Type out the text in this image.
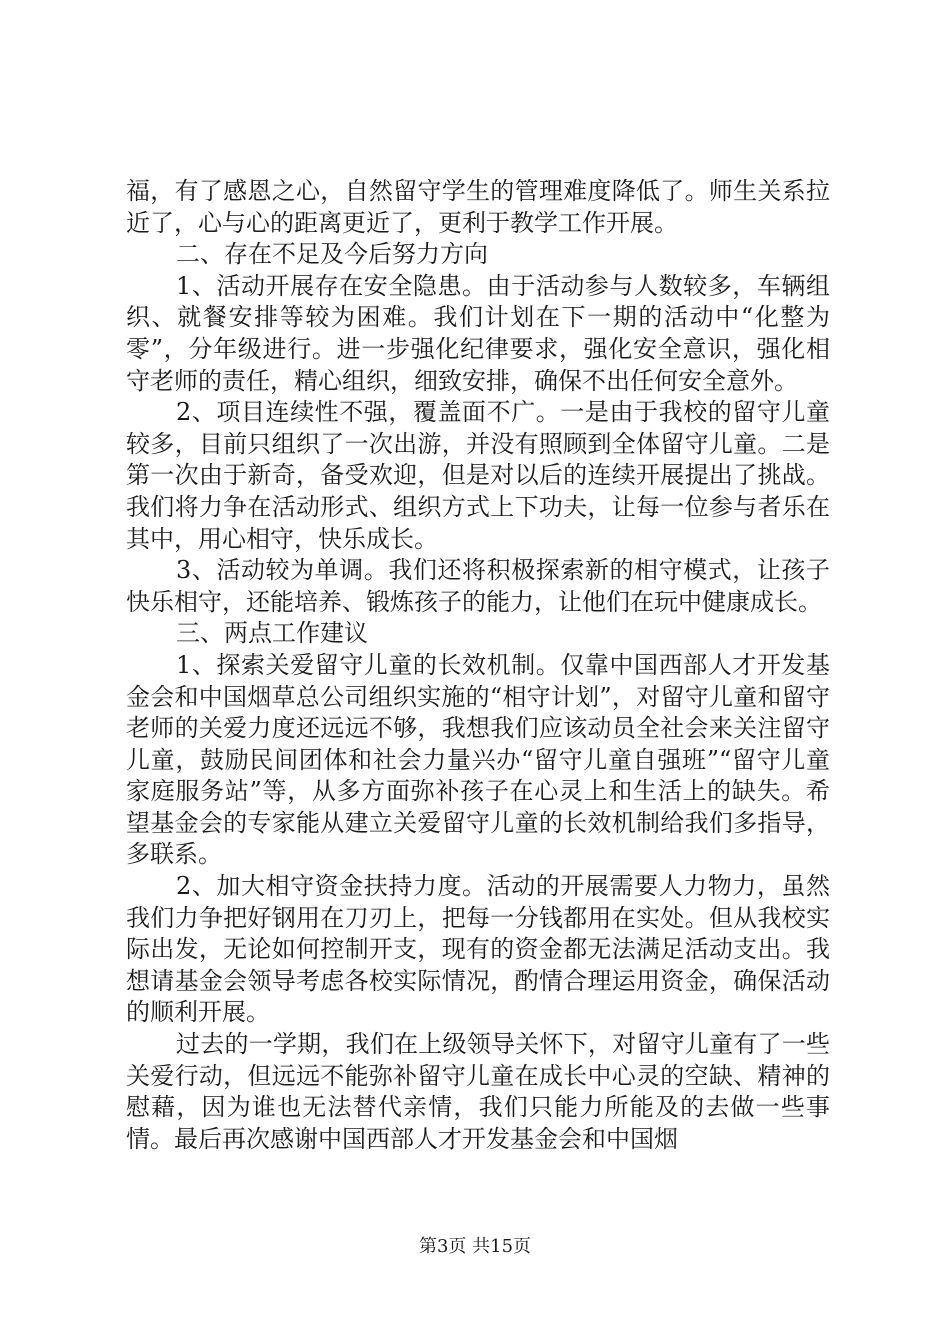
福，有了感恩之心，自然留守学生的管理难度降低了。师生关系拉近了，心与心的距离更近了，更利于教学工作开展。

二、存在不足及今后努力方向

1、活动开展存在安全隐患。由于活动参与人数较多，车辆组织、就餐安排等较为困难。我们计划在下一期的活动中“化整为零”，分年级进行。进一步强化纪律要求，强化安全意识，强化相守老师的责任，精心组织，细致安排，确保不出任何安全意外。

2、项目连续性不强，覆盖面不广。一是由于我校的留守儿童较多，目前只组织了一次出游，并没有照顾到全体留守儿童。二是第一次由于新奇，备受欢迎，但是对以后的连续开展提出了挑战。我们将力争在活动形式、组织方式上下功夫，让每一位参与者乐在其中，用心相守，快乐成长。

3、活动较为单调。我们还将积极探索新的相守模式，让孩子快乐相守，还能培养、锻炼孩子的能力，让他们在玩中健康成长。

三、两点工作建议

1、探索关爱留守儿童的长效机制。仅靠中国西部人才开发基金会和中国烟草总公司组织实施的“相守计划”，对留守儿童和留守老师的关爱力度还远远不够，我想我们应该动员全社会来关注留守儿童，鼓励民间团体和社会力量兴办“留守儿童自强班”“留守儿童家庭服务站”等，从多方面弥补孩子在心灵上和生活上的缺失。希望基金会的专家能从建立关爱留守儿童的长效机制给我们多指导，多联系。

2、加大相守资金扶持力度。活动的开展需要人力物力，虽然我们力争把好钢用在刀刃上，把每一分钱都用在实处。但从我校实际出发，无论如何控制开支，现有的资金都无法满足活动支出。我想请基金会领导考虑各校实际情况，酌情合理运用资金，确保活动的顺利开展。

过去的一学期，我们在上级领导关怀下，对留守儿童有了一些关爱行动，但远远不能弥补留守儿童在成长中心灵的空缺、精神的慰藉，因为谁也无法替代亲情，我们只能力所能及的去做一些事情。最后再次感谢中国西部人才开发基金会和中国烟

第3页 共15页
